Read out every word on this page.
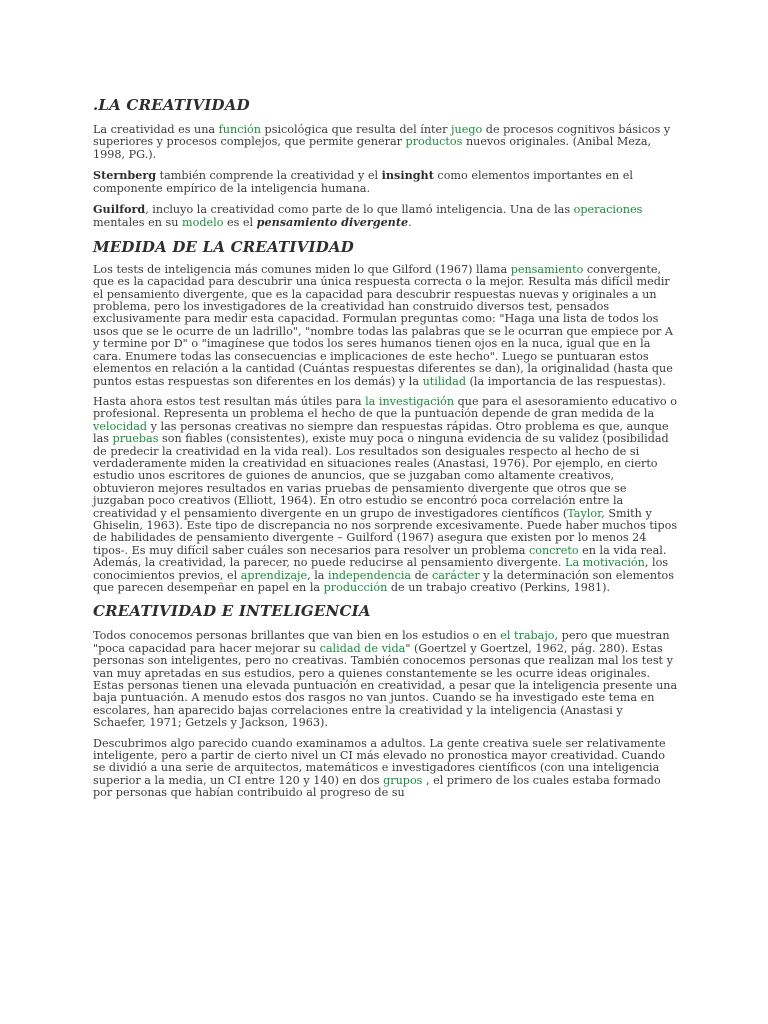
.LA CREATIVIDAD

La creatividad es una función psicológica que resulta del ínter juego de procesos cognitivos básicos y superiores y procesos complejos, que permite generar productos nuevos originales. (Anibal Meza, 1998, PG.).

Sternberg también comprende la creatividad y el insinght como elementos importantes en el componente empírico de la inteligencia humana.

Guilford, incluyo la creatividad como parte de lo que llamó inteligencia. Una de las operaciones mentales en su modelo es el pensamiento divergente.

MEDIDA DE LA CREATIVIDAD

Los tests de inteligencia más comunes miden lo que Gilford (1967) llama pensamiento convergente, que es la capacidad para descubrir una única respuesta correcta o la mejor. Resulta más difícil medir el pensamiento divergente, que es la capacidad para descubrir respuestas nuevas y originales a un problema, pero los investigadores de la creatividad han construido diversos test, pensados exclusivamente para medir esta capacidad. Formulan preguntas como: "Haga una lista de todos los usos que se le ocurre de un ladrillo", "nombre todas las palabras que se le ocurran que empiece por A y termine por D" o "imagínese que todos los seres humanos tienen ojos en la nuca, igual que en la cara. Enumere todas las consecuencias e implicaciones de este hecho". Luego se puntuaran estos elementos en relación a la cantidad (Cuántas respuestas diferentes se dan), la originalidad (hasta que puntos estas respuestas son diferentes en los demás) y la utilidad (la importancia de las respuestas).

Hasta ahora estos test resultan más útiles para la investigación que para el asesoramiento educativo o profesional. Representa un problema el hecho de que la puntuación depende de gran medida de la velocidad y las personas creativas no siempre dan respuestas rápidas. Otro problema es que, aunque las pruebas son fiables (consistentes), existe muy poca o ninguna evidencia de su validez (posibilidad de predecir la creatividad en la vida real). Los resultados son desiguales respecto al hecho de si verdaderamente miden la creatividad en situaciones reales (Anastasi, 1976). Por ejemplo, en cierto estudio unos escritores de guiones de anuncios, que se juzgaban como altamente creativos, obtuvieron mejores resultados en varias pruebas de pensamiento divergente que otros que se juzgaban poco creativos (Elliott, 1964). En otro estudio se encontró poca correlación entre la creatividad y el pensamiento divergente en un grupo de investigadores científicos (Taylor, Smith y Ghiselin, 1963). Este tipo de discrepancia no nos sorprende excesivamente. Puede haber muchos tipos de habilidades de pensamiento divergente – Guilford (1967) asegura que existen por lo menos 24 tipos-. Es muy difícil saber cuáles son necesarios para resolver un problema concreto en la vida real. Además, la creatividad, la parecer, no puede reducirse al pensamiento divergente. La motivación, los conocimientos previos, el aprendizaje, la independencia de carácter y la determinación son elementos que parecen desempeñar en papel en la producción de un trabajo creativo (Perkins, 1981).

CREATIVIDAD E INTELIGENCIA

Todos conocemos personas brillantes que van bien en los estudios o en el trabajo, pero que muestran "poca capacidad para hacer mejorar su calidad de vida" (Goertzel y Goertzel, 1962, pág. 280). Estas personas son inteligentes, pero no creativas. También conocemos personas que realizan mal los test y van muy apretadas en sus estudios, pero a quienes constantemente se les ocurre ideas originales. Estas personas tienen una elevada puntuación en creatividad, a pesar que la inteligencia presente una baja puntuación. A menudo estos dos rasgos no van juntos. Cuando se ha investigado este tema en escolares, han aparecido bajas correlaciones entre la creatividad y la inteligencia (Anastasi y Schaefer, 1971; Getzels y Jackson, 1963).

Descubrimos algo parecido cuando examinamos a adultos. La gente creativa suele ser relativamente inteligente, pero a partir de cierto nivel un CI más elevado no pronostica mayor creatividad. Cuando se dividió a una serie de arquitectos, matemáticos e investigadores científicos (con una inteligencia superior a la media, un CI entre 120 y 140) en dos grupos , el primero de los cuales estaba formado por personas que habían contribuido al progreso de su
